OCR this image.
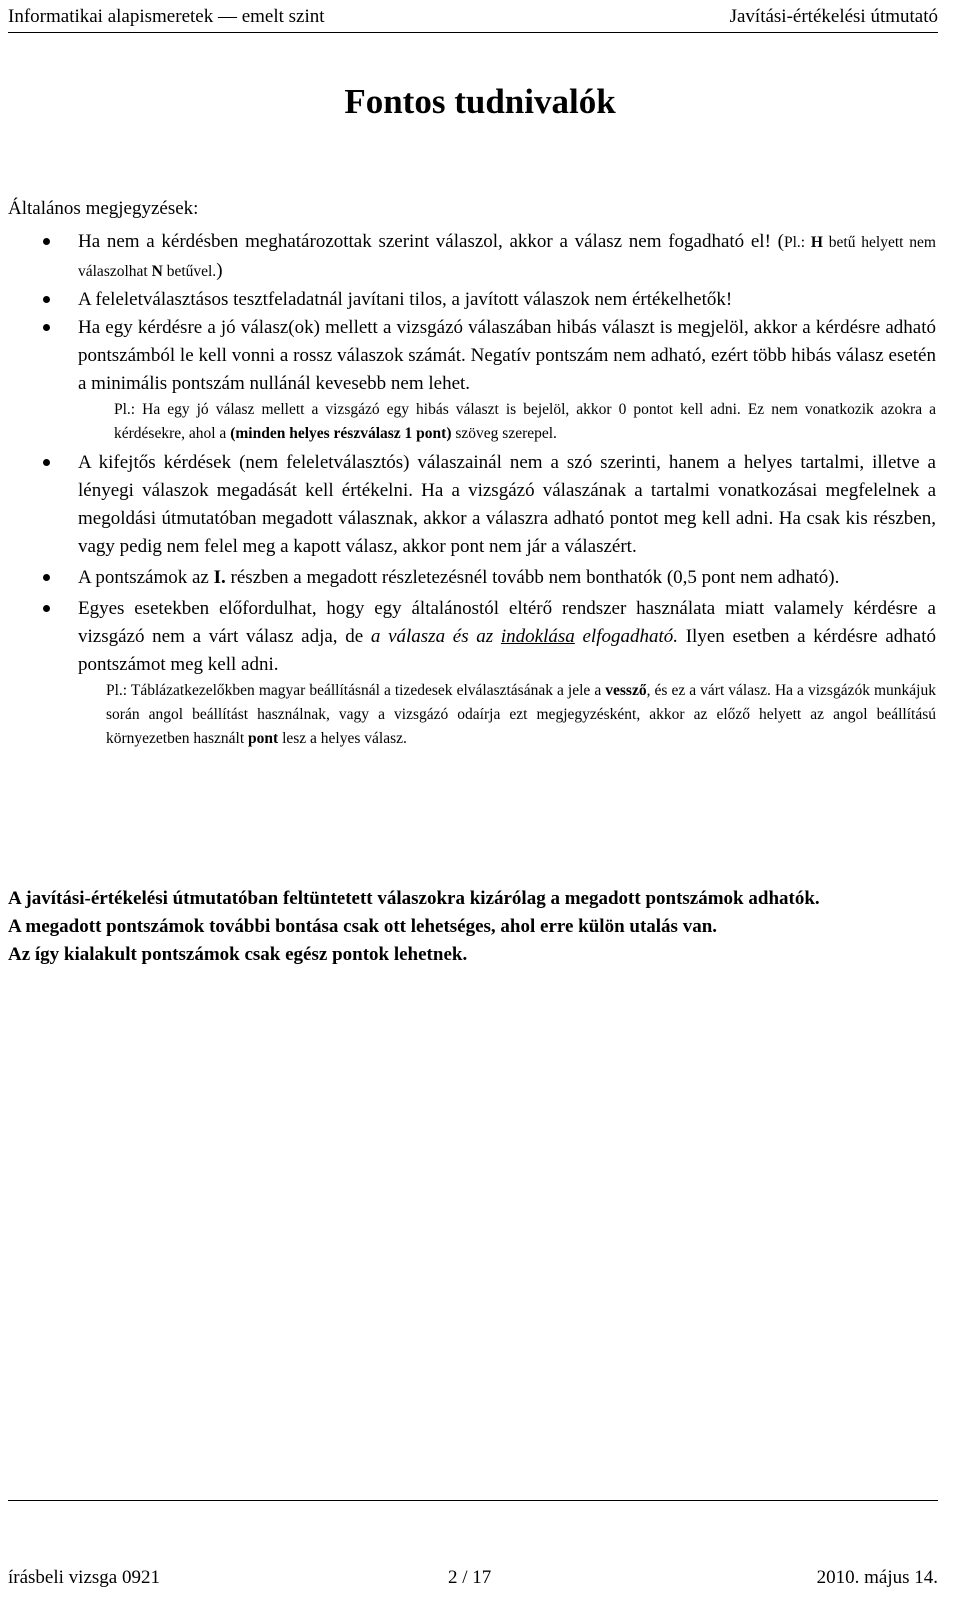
Informatikai alapismeretek — emelt szint	Javítási-értékelési útmutató
Fontos tudnivalók
Általános megjegyzések:
Ha nem a kérdésben meghatározottak szerint válaszol, akkor a válasz nem fogadható el! (Pl.: H betű helyett nem válaszolhat N betűvel.)
A feleletválasztásos tesztfeladatnál javítani tilos, a javított válaszok nem értékelhetők!
Ha egy kérdésre a jó válasz(ok) mellett a vizsgázó válaszában hibás választ is megjelöl, akkor a kérdésre adható pontszámból le kell vonni a rossz válaszok számát. Negatív pontszám nem adható, ezért több hibás válasz esetén a minimális pontszám nullánál kevesebb nem lehet.
Pl.: Ha egy jó válasz mellett a vizsgázó egy hibás választ is bejelöl, akkor 0 pontot kell adni. Ez nem vonatkozik azokra a kérdésekre, ahol a (minden helyes részválasz 1 pont) szöveg szerepel.
A kifejtős kérdések (nem feleletválasztós) válaszainál nem a szó szerinti, hanem a helyes tartalmi, illetve a lényegi válaszok megadását kell értékelni. Ha a vizsgázó válaszának a tartalmi vonatkozásai megfelelnek a megoldási útmutatóban megadott válasznak, akkor a válaszra adható pontot meg kell adni. Ha csak kis részben, vagy pedig nem felel meg a kapott válasz, akkor pont nem jár a válaszért.
A pontszámok az I. részben a megadott részletezésnél tovább nem bonthatók (0,5 pont nem adható).
Egyes esetekben előfordulhat, hogy egy általánostól eltérő rendszer használata miatt valamely kérdésre a vizsgázó nem a várt válasz adja, de a válasza és az indoklása elfogadható. Ilyen esetben a kérdésre adható pontszámot meg kell adni.
Pl.: Táblázatkezelőkben magyar beállításnál a tizedesek elválasztásának a jele a vessző, és ez a várt válasz. Ha a vizsgázók munkájuk során angol beállítást használnak, vagy a vizsgázó odaírja ezt megjegyzésként, akkor az előző helyett az angol beállítású környezetben használt pont lesz a helyes válasz.

A javítási-értékelési útmutatóban feltüntetett válaszokra kizárólag a megadott pontszámok adhatók.

A megadott pontszámok további bontása csak ott lehetséges, ahol erre külön utalás van.

Az így kialakult pontszámok csak egész pontok lehetnek.

írásbeli vizsga 0921	2 / 17	2010. május 14.
